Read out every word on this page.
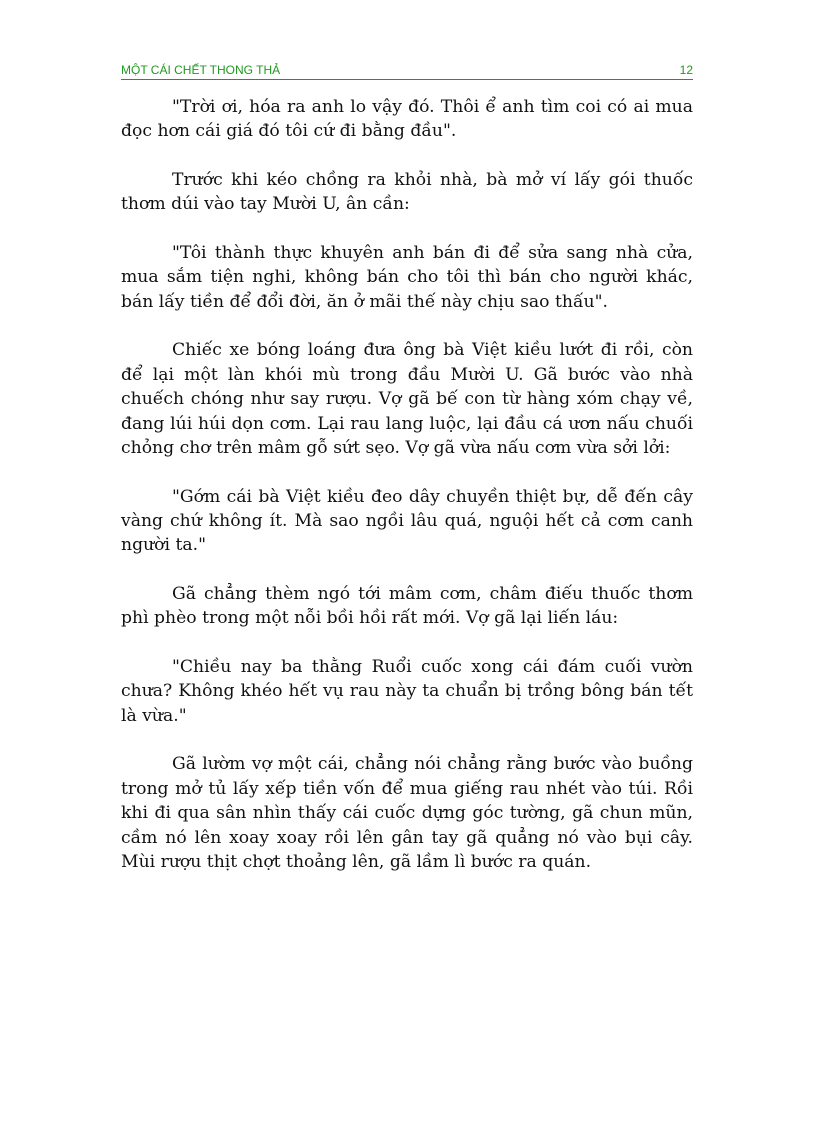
MỘT CÁI CHẾT THONG THẢ	12

"Trời ơi, hóa ra anh lo vậy đó. Thôi ể anh tìm coi có ai mua đọc hơn cái giá đó tôi cứ đi bằng đầu".

Trước khi kéo chồng ra khỏi nhà, bà mở ví lấy gói thuốc thơm dúi vào tay Mười U, ân cần:

"Tôi thành thực khuyên anh bán đi để sửa sang nhà cửa, mua sắm tiện nghi, không bán cho tôi thì bán cho người khác, bán lấy tiền để đổi đời, ăn ở mãi thế này chịu sao thấu".

Chiếc xe bóng loáng đưa ông bà Việt kiều lướt đi rồi, còn để lại một làn khói mù trong đầu Mười U. Gã bước vào nhà chuếch chóng như say rượu. Vợ gã bế con từ hàng xóm chạy về, đang lúi húi dọn cơm. Lại rau lang luộc, lại đầu cá ươn nấu chuối chỏng chơ trên mâm gỗ sứt sẹo. Vợ gã vừa nấu cơm vừa sởi lởi:

"Gớm cái bà Việt kiều đeo dây chuyền thiệt bự, dễ đến cây vàng chứ không ít. Mà sao ngồi lâu quá, nguội hết cả cơm canh người ta."

Gã chẳng thèm ngó tới mâm cơm, châm điếu thuốc thơm phì phèo trong một nỗi bồi hồi rất mới. Vợ gã lại liến láu:

"Chiều nay ba thằng Ruổi cuốc xong cái đám cuối vườn chưa? Không khéo hết vụ rau này ta chuẩn bị trồng bông bán tết là vừa."

Gã lườm vợ một cái, chẳng nói chẳng rằng bước vào buồng trong mở tủ lấy xếp tiền vốn để mua giếng rau nhét vào túi. Rồi khi đi qua sân nhìn thấy cái cuốc dựng góc tường, gã chun mũn, cầm nó lên xoay xoay rồi lên gân tay gã quẳng nó vào bụi cây. Mùi rượu thịt chợt thoảng lên, gã lầm lì bước ra quán.
